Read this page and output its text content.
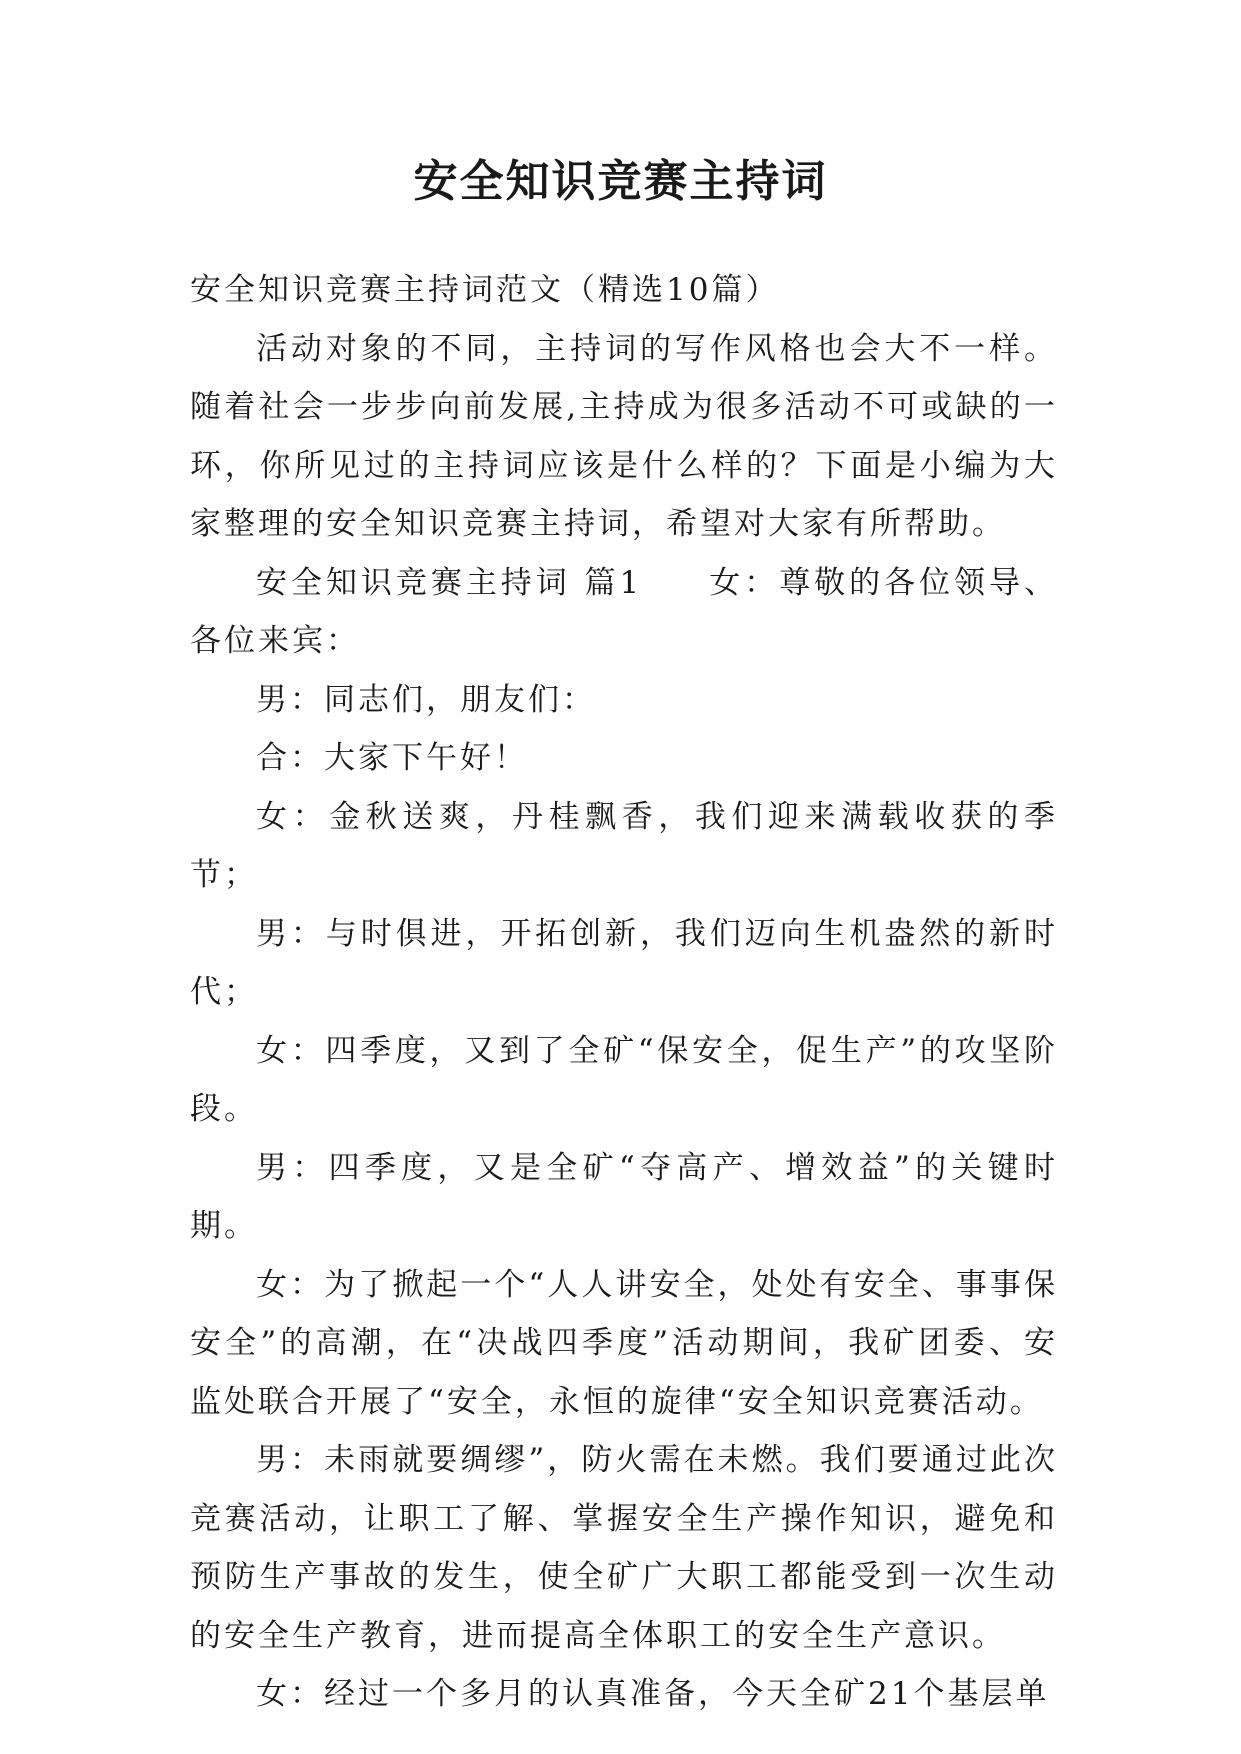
安全知识竞赛主持词

安全知识竞赛主持词范文（精选10篇）

活动对象的不同，主持词的写作风格也会大不一样。随着社会一步步向前发展,主持成为很多活动不可或缺的一环，你所见过的主持词应该是什么样的？下面是小编为大家整理的安全知识竞赛主持词，希望对大家有所帮助。

安全知识竞赛主持词 篇1 女：尊敬的各位领导、各位来宾：

男：同志们，朋友们：

合：大家下午好！

女：金秋送爽，丹桂飘香，我们迎来满载收获的季节；

男：与时俱进，开拓创新，我们迈向生机盎然的新时代；

女：四季度，又到了全矿“保安全，促生产”的攻坚阶段。

男：四季度，又是全矿“夺高产、增效益”的关键时期。

女：为了掀起一个“人人讲安全，处处有安全、事事保安全”的高潮，在“决战四季度”活动期间，我矿团委、安监处联合开展了“安全，永恒的旋律“安全知识竞赛活动。

男：未雨就要绸缪”，防火需在未燃。我们要通过此次竞赛活动，让职工了解、掌握安全生产操作知识，避免和预防生产事故的发生，使全矿广大职工都能受到一次生动的安全生产教育，进而提高全体职工的安全生产意识。

女：经过一个多月的认真准备，今天全矿21个基层单
